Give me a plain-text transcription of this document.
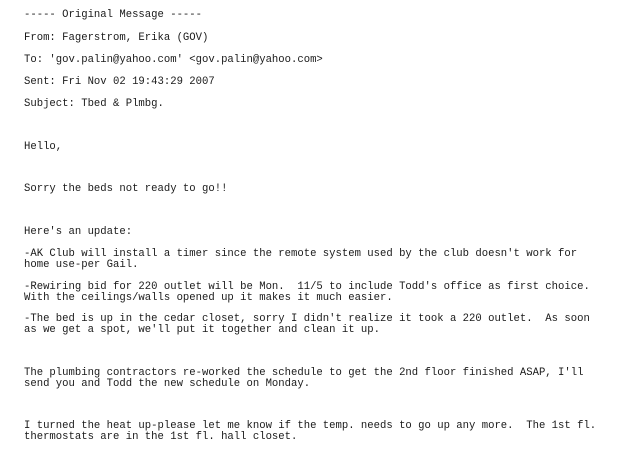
----- Original Message -----
From: Fagerstrom, Erika (GOV)
To: 'gov.palin@yahoo.com' <gov.palin@yahoo.com>
Sent: Fri Nov 02 19:43:29 2007
Subject: Tbed & Plmbg.
Hello,
Sorry the beds not ready to go!!
Here's an update:
-AK Club will install a timer since the remote system used by the club doesn't work for
home use-per Gail.
-Rewiring bid for 220 outlet will be Mon.  11/5 to include Todd's office as first choice.
With the ceilings/walls opened up it makes it much easier.
-The bed is up in the cedar closet, sorry I didn't realize it took a 220 outlet.  As soon
as we get a spot, we'll put it together and clean it up.
The plumbing contractors re-worked the schedule to get the 2nd floor finished ASAP, I'll
send you and Todd the new schedule on Monday.
I turned the heat up-please let me know if the temp. needs to go up any more.  The 1st fl.
thermostats are in the 1st fl. hall closet.
